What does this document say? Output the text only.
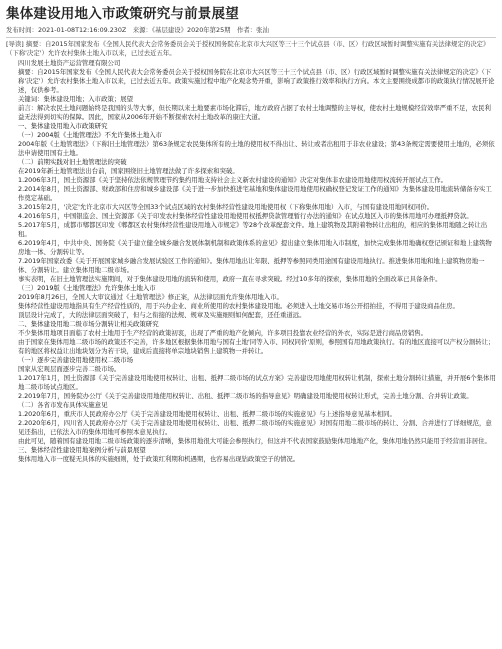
集体建设用地入市政策研究与前景展望
发布时间：2021-01-08T12:16:09.230Z　来源：《基层建设》2020年第25期　作者：张汕
[导读] 摘要：自2015年国家发布《全国人民代表大会常务委员会关于授权国务院在北京市大兴区等三十三个试点县（市、区）行政区域暂时调整实施有关法律规定的决定》（下称'决定'）允许农村集体土地入市以来，已过去近五年。

四川发展土地资产运营管理有限公司

摘要：自2015年国家发布《全国人民代表大会常务委员会关于授权国务院在北京市大兴区等三十三个试点县（市、区）行政区域暂时调整实施有关法律规定的决定》（下称'决定'）允许农村集体土地入市以来，已过去近五年。政策实施过程中地产化观念势开重，影响了政策推行效率和执行方向。本文主要围绕成都市的政策执行情况展开论述，仅供参考。

关键词：集体建设用地；入市政策；展望

前言：解决农民土地问题始终是我国的头等大事，但长期以来土地要素市场化滞后，地方政府占据了农村土地调整的主导权，使农村土地规模经营效率严重不足，农民利益无法得到切实的保障。因此，国家从2006年开始不断探索农村土地改革的康庄大道。

一、集体建设用地入市政策研究

（一）2004版《土地管理法》不允许集体土地入市

2004年版《土地管理法》（下称旧土地管理法）第63条规定农民集体所有的土地的使用权不得出让、转让或者出租用于非农业建设；第43条规定需要使用土地的，必须依法申请使用国有土地。

（二）前期实践对旧土地管理法的突破

在2019年新土地管理法出台前，国家围绕旧土地管理法做了许多探索和突破。

1.2006年3月，国土资源部《关于坚持依法依规管理节约集约用地支持社会主义新农村建设的通知》决定对集体非农建设用地使用权流转开展试点工作。

2.2014年8月，国土资源部、财政部和住房和城乡建设部《关于进一步加快推进宅基地和集体建设用地使用权确权登记发证工作的通知》为集体建设用地流转储备夯实工作奠定基础。

3.2015年2月，'决定'允许北京市大兴区等全国33个试点区域的农村集体经营性建设用地使用权（下称集体用地）入市，与国有建设用地同权同价。

4.2016年5月，中国银监会、国土资源部《关于印发农村集体经营性建设用地使用权抵押贷款管理暂行办法的通知》在试点地区入市的集体用地可办理抵押贷款。

5.2017年5月，成都市郫都区印发《郫都区农村集体经营性建设用地入市规定》等28个改革配套文件。地上建筑物及其附着物转让出租的，相应的集体用地随之转让出租。

6.2019年4月，中共中央、国务院《关于建立健全城乡融合发展体制机制和政策体系的意见》提出建立集体用地入市制度，加快完成集体用地确权登记颁证和地上建筑物房地一体、分割转让等。

7.2019年国家改委《关于开展国家城乡融合发展试验区工作的通知》。集体用地出让年限、抵押等参照同类用途国有建设用地执行。推进集体用地和地上建筑物房地一体、分割转让。建立集体用地二级市场。

事实表明，在旧土地管理法实施期间，对于集体建设用地的流转和使用，政府一直在寻求突破。经过10多年的探索，集体用地的全面改革已具备条件。

（三）2019版《土地管理法》允许集体土地入市

2019年8月26日，全国人大审议通过《土地管理法》修正案，从法律层面允许集体用地入市。

集体经营性建设用地指具有生产经营性质的，用于兴办企业、商业所使用的农村集体建设用地。必须进入土地交易市场公开招拍挂，不得用于建设商品住房。

顶层设计完成了，大的法律层面突破了，但与之衔接的法规、规章及实施细则如何配套，还任重道远。

二、集体建设用地二级市场分割转让相关政策研究

不少集体用地项目面临了农村土地用于生产经营的政策初衷，出现了严重的地产化倾向，许多项目投靠农业经营的外衣，实际是进行商品房销售。

由于国家在集体用地二级市场的政策还不完善，许多地区根据集体用地与国有土地'同等入市、同权同价'原则，参照国有用地政策执行。有的地区直接可以产权分割转让；有的地区将权益让出地块划分为若干块，建成后直接将单宗地块销售上建筑物一并转让。

（一）逐步完善建设用地使用权二级市场

国家从宏观层面逐步完善二级市场。

1.2017年1月，国土资源部《关于完善建设用地使用权转让、出租、抵押二级市场的试点方案》完善建设用地使用权转让机制，探索土地分割转让措施，并开展6个集体用地二级市场试点地区。

2.2019年7月，国务院办公厅《关于完善建设用地使用权转让、出租、抵押二级市场的指导意见》明确建设用地使用权转让形式，完善土地分割、合并转让政策。

（二）各省市发布具体实施意见

1.2020年6月，重庆市人民政府办公厅《关于完善建设用地使用权转让、出租、抵押二级市场的实施意见》与上述指导意见基本相同。

2.2020年6月，四川省人民政府办公厅《关于完善建设用地使用权转让、出租、抵押二级市场的实施意见》对国有用地二级市场的转让、分割、合并进行了详细规范，意见还指出，已依法入市的集体用地可参照本意见执行。

由此可见，随着国有建设用地二级市场政策的逐步清晰，集体用地很大可能会参照执行，但这并不代表国家鼓励集体用地地产化，集体用地仍然只能用于经营而非居住。

三、集体经营性建设用地案例分析与前景展望

集体用地入市一度疑无具体的实施细则，处于政策红利期和机遇期，也容易出现钻政策空子的情况。
